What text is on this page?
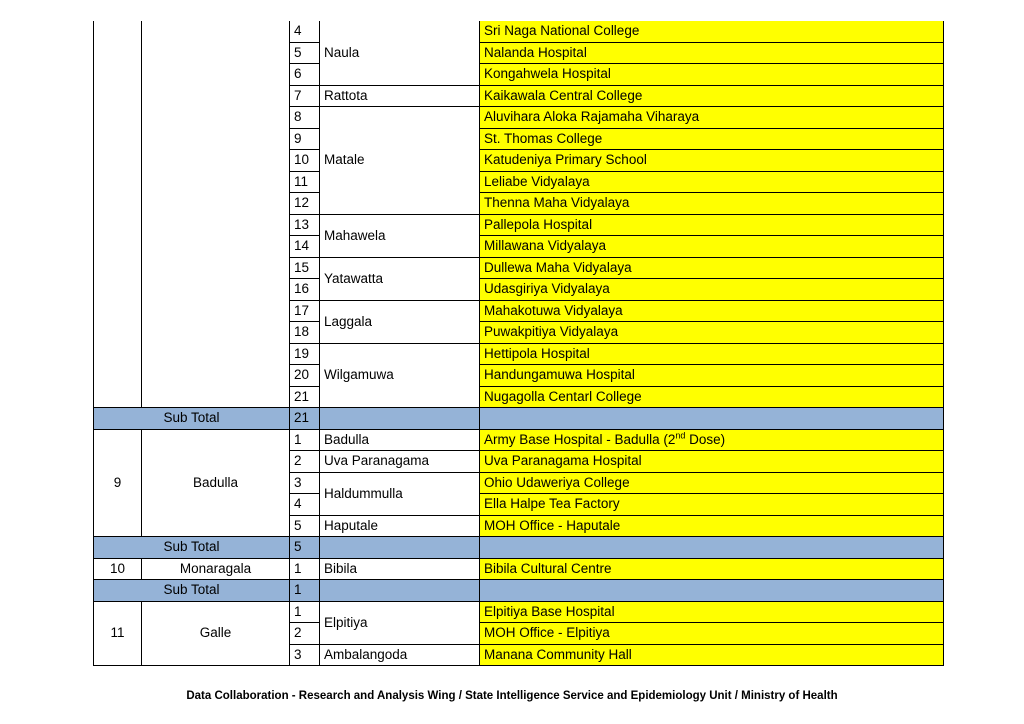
		4	Naula	Sri Naga National College
		5		Nalanda Hospital
		6		Kongahwela Hospital
		7	Rattota	Kaikawala Central College
		8	Matale	Aluvihara Aloka Rajamaha Viharaya
		9		St. Thomas College
		10		Katudeniya Primary School
		11		Leliabe Vidyalaya
		12		Thenna Maha Vidyalaya
		13	Mahawela	Pallepola Hospital
		14		Millawana Vidyalaya
		15	Yatawatta	Dullewa Maha Vidyalaya
		16		Udasgiriya Vidyalaya
		17	Laggala	Mahakotuwa Vidyalaya
		18		Puwakpitiya Vidyalaya
		19	Wilgamuwa	Hettipola Hospital
		20		Handungamuwa Hospital
		21		Nugagolla Centarl College
Sub Total		21		
9	Badulla	1	Badulla	Army Base Hospital - Badulla (2nd Dose)
		2	Uva Paranagama	Uva Paranagama Hospital
		3	Haldummulla	Ohio Udaweriya College
		4		Ella Halpe Tea Factory
		5	Haputale	MOH Office - Haputale
Sub Total		5		
10	Monaragala	1	Bibila	Bibila Cultural Centre
Sub Total		1		
11	Galle	1	Elpitiya	Elpitiya Base Hospital
		2		MOH Office - Elpitiya
		3	Ambalangoda	Manana Community Hall
Data Collaboration - Research and Analysis Wing / State Intelligence Service and Epidemiology Unit / Ministry of Health
